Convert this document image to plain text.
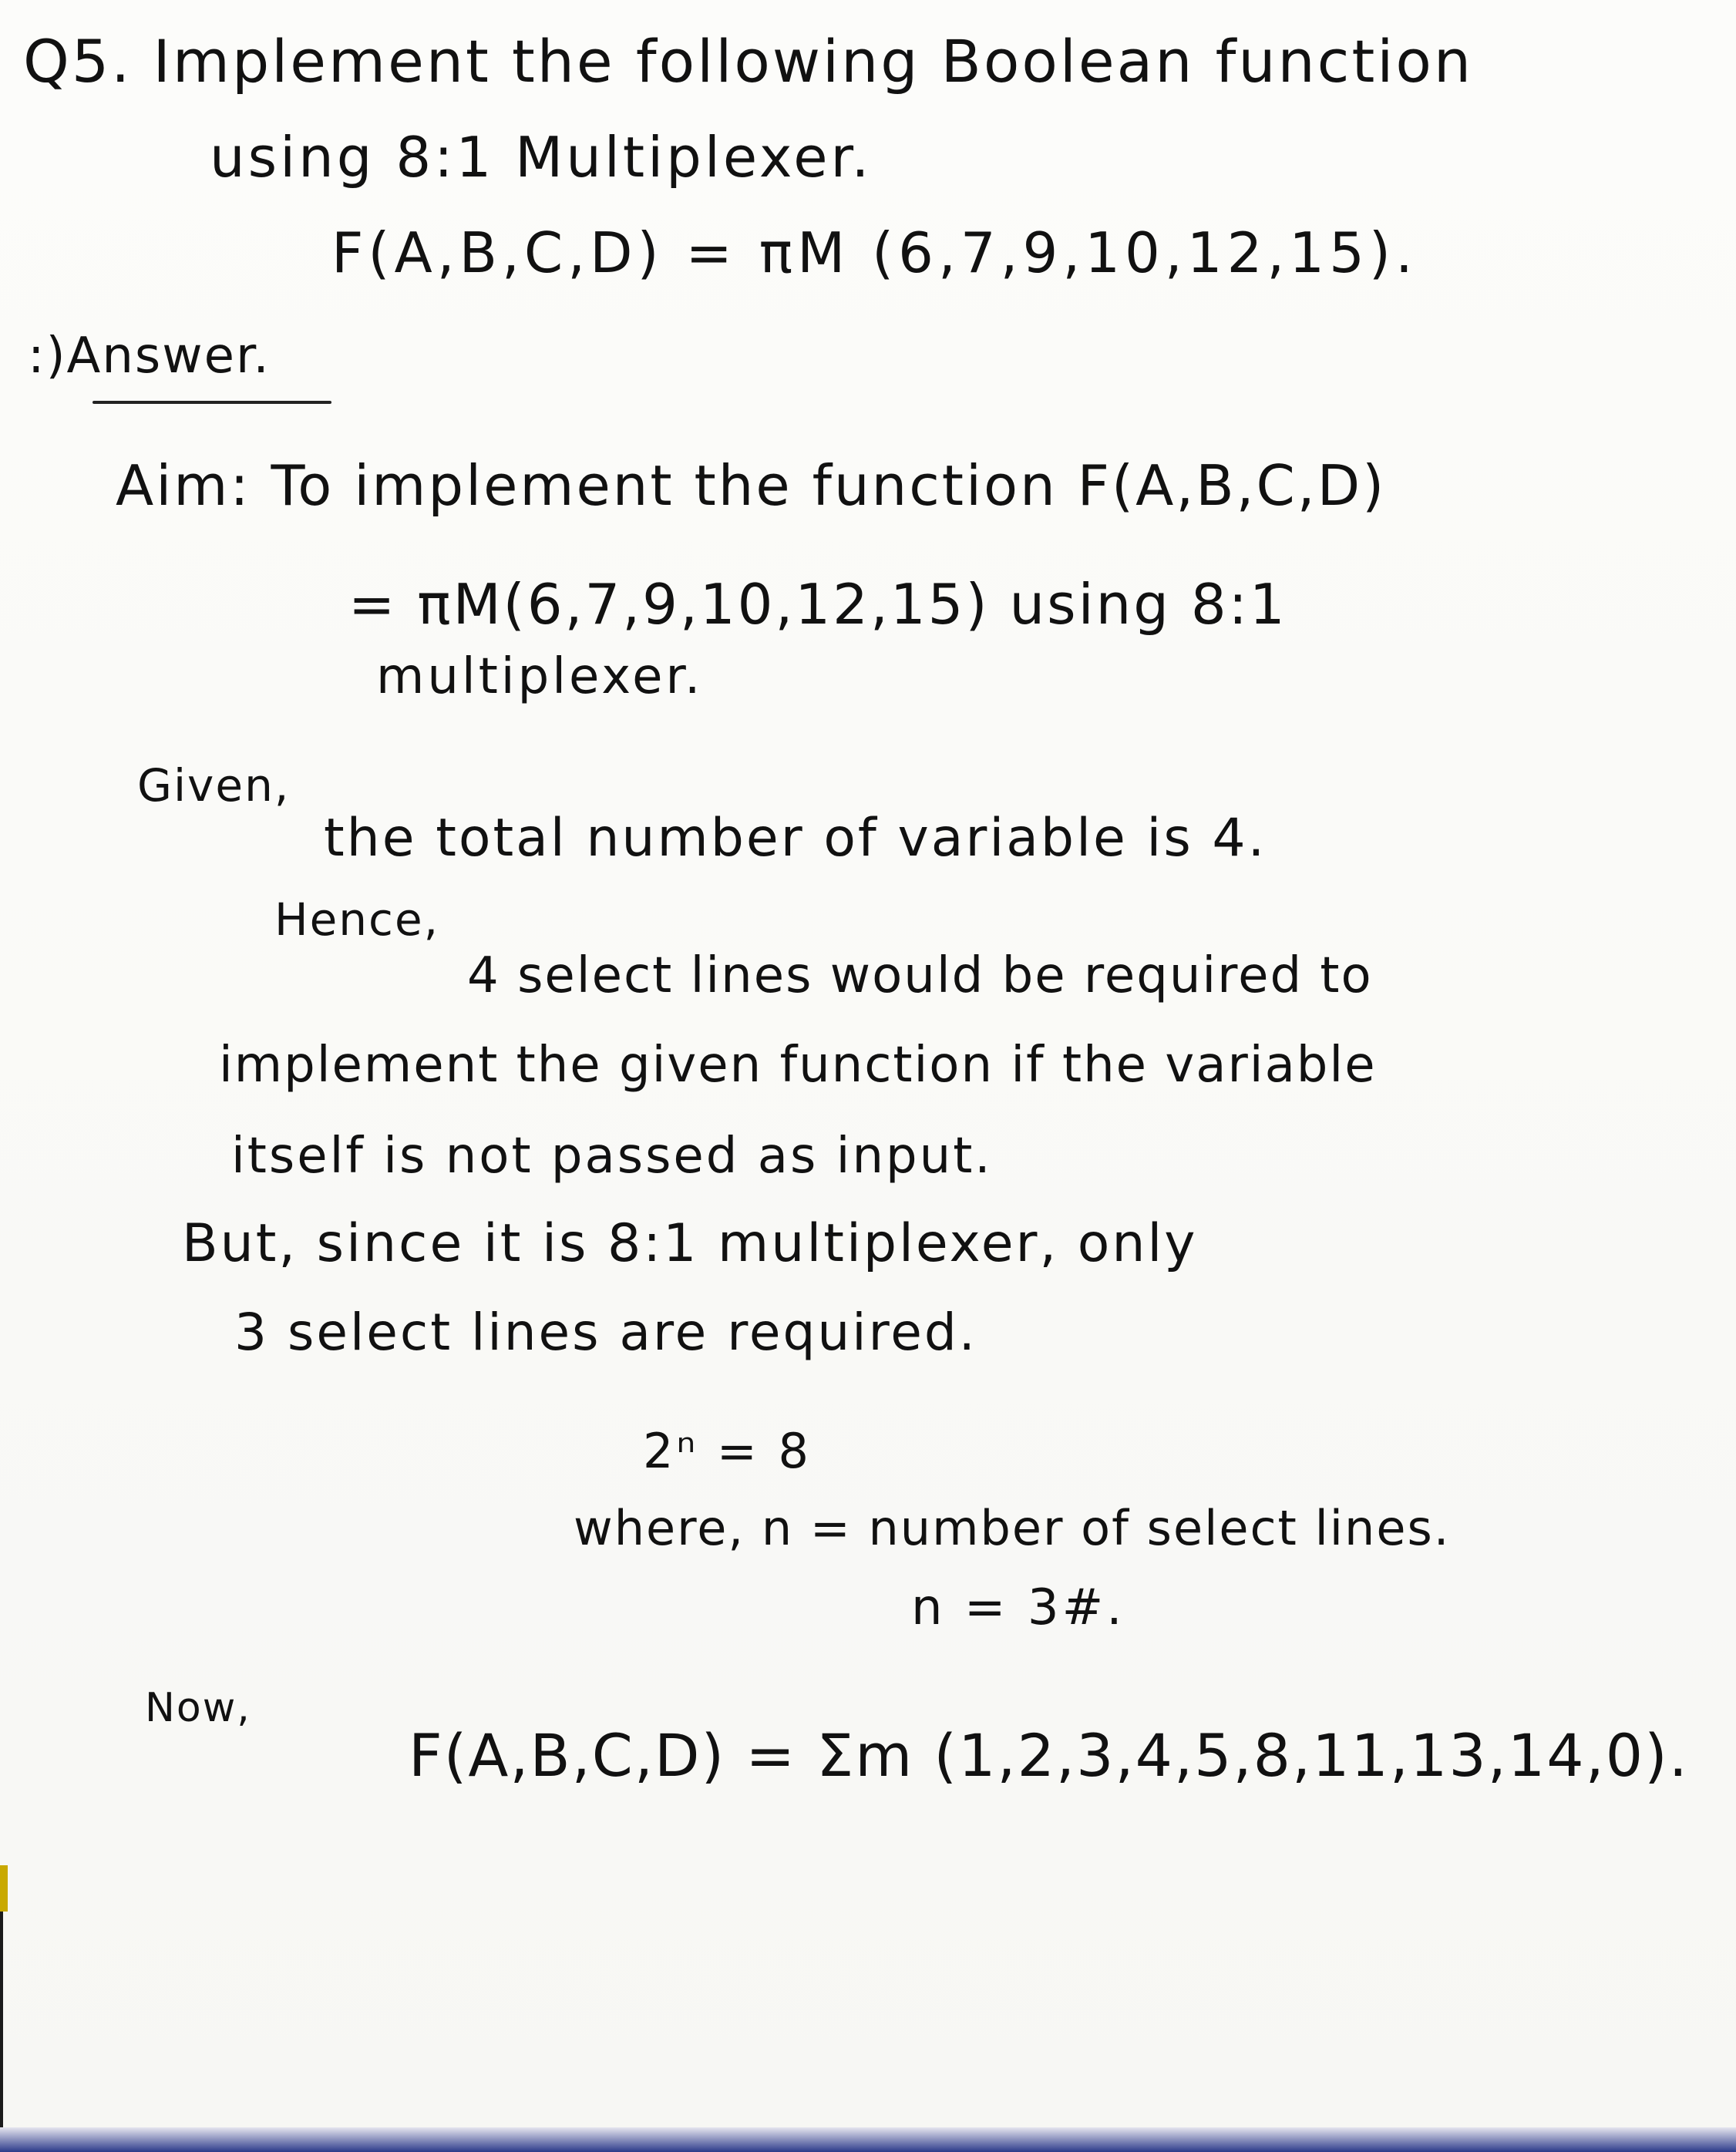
Q5. Implement the following Boolean function
using 8:1 Multiplexer.
F(A,B,C,D) = πM (6,7,9,10,12,15).
:)Answer.
Aim: To implement the function F(A,B,C,D)
= πM(6,7,9,10,12,15) using 8:1
multiplexer.
Given,
the total number of variable is 4.
Hence,
4 select lines would be required to
implement the given function if the variable
itself is not passed as input.
But, since it is 8:1 multiplexer, only
3 select lines are required.
2ⁿ = 8
where, n = number of select lines.
n = 3#.
Now,
F(A,B,C,D) = Σm (1,2,3,4,5,8,11,13,14,0).
